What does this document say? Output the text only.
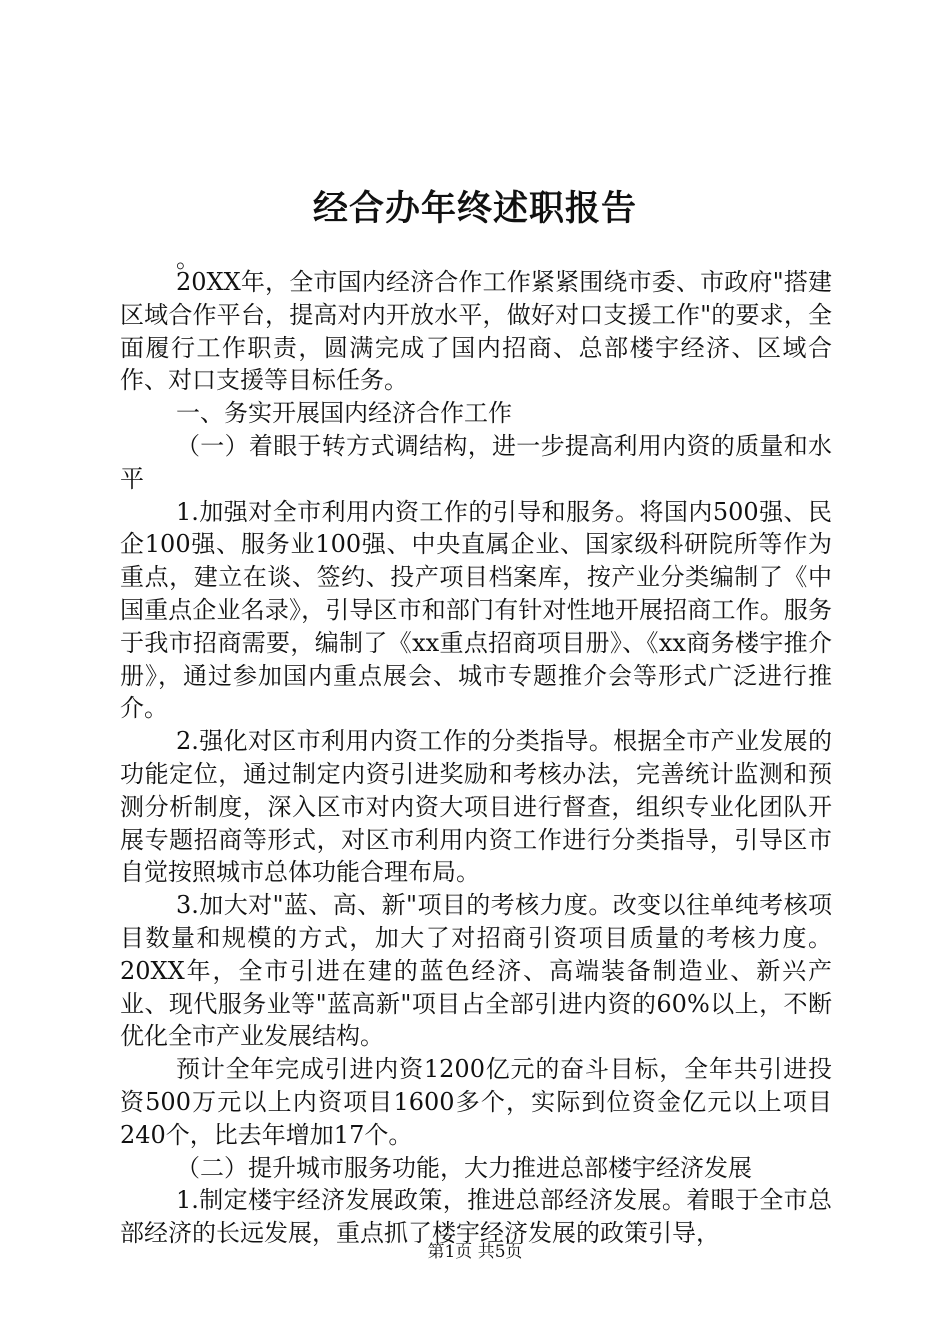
经合办年终述职报告
。

20XX年，全市国内经济合作工作紧紧围绕市委、市政府"搭建区域合作平台，提高对内开放水平，做好对口支援工作"的要求，全面履行工作职责，圆满完成了国内招商、总部楼宇经济、区域合作、对口支援等目标任务。

一、务实开展国内经济合作工作

（一）着眼于转方式调结构，进一步提高利用内资的质量和水平

1.加强对全市利用内资工作的引导和服务。将国内500强、民企100强、服务业100强、中央直属企业、国家级科研院所等作为重点，建立在谈、签约、投产项目档案库，按产业分类编制了《中国重点企业名录》，引导区市和部门有针对性地开展招商工作。服务于我市招商需要，编制了《xx重点招商项目册》、《xx商务楼宇推介册》，通过参加国内重点展会、城市专题推介会等形式广泛进行推介。

2.强化对区市利用内资工作的分类指导。根据全市产业发展的功能定位，通过制定内资引进奖励和考核办法，完善统计监测和预测分析制度，深入区市对内资大项目进行督查，组织专业化团队开展专题招商等形式，对区市利用内资工作进行分类指导，引导区市自觉按照城市总体功能合理布局。

3.加大对"蓝、高、新"项目的考核力度。改变以往单纯考核项目数量和规模的方式，加大了对招商引资项目质量的考核力度。20XX年，全市引进在建的蓝色经济、高端装备制造业、新兴产业、现代服务业等"蓝高新"项目占全部引进内资的60%以上，不断优化全市产业发展结构。

预计全年完成引进内资1200亿元的奋斗目标，全年共引进投资500万元以上内资项目1600多个，实际到位资金亿元以上项目240个，比去年增加17个。

（二）提升城市服务功能，大力推进总部楼宇经济发展

1.制定楼宇经济发展政策，推进总部经济发展。着眼于全市总部经济的长远发展，重点抓了楼宇经济发展的政策引导，

第1页 共5页
